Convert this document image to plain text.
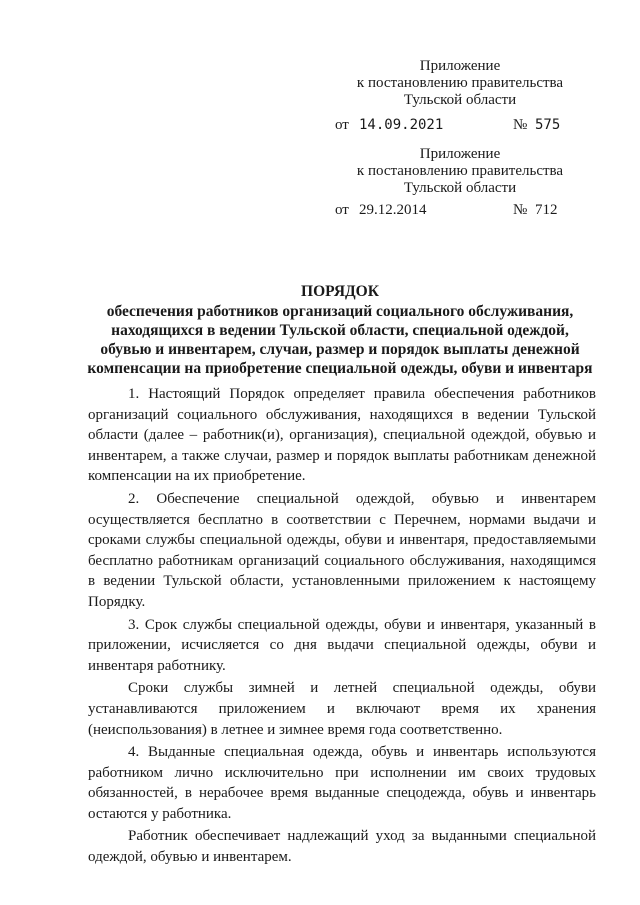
Приложение
к постановлению правительства
Тульской области
от 14.09.2021	№ 575
Приложение
к постановлению правительства
Тульской области
от 29.12.2014	№ 712
ПОРЯДОК
обеспечения работников организаций социального обслуживания,
находящихся в ведении Тульской области, специальной одеждой,
обувью и инвентарем, случаи, размер и порядок выплаты денежной
компенсации на приобретение специальной одежды, обуви и инвентаря

1. Настоящий Порядок определяет правила обеспечения работников организаций социального обслуживания, находящихся в ведении Тульской области (далее – работник(и), организация), специальной одеждой, обувью и инвентарем, а также случаи, размер и порядок выплаты работникам денежной компенсации на их приобретение.

2. Обеспечение специальной одеждой, обувью и инвентарем осуществляется бесплатно в соответствии с Перечнем, нормами выдачи и сроками службы специальной одежды, обуви и инвентаря, предоставляемыми бесплатно работникам организаций социального обслуживания, находящимся в ведении Тульской области, установленными приложением к настоящему Порядку.

3. Срок службы специальной одежды, обуви и инвентаря, указанный в приложении, исчисляется со дня выдачи специальной одежды, обуви и инвентаря работнику.

Сроки службы зимней и летней специальной одежды, обуви устанавливаются приложением и включают время их хранения (неиспользования) в летнее и зимнее время года соответственно.

4. Выданные специальная одежда, обувь и инвентарь используются работником лично исключительно при исполнении им своих трудовых обязанностей, в нерабочее время выданные спецодежда, обувь и инвентарь остаются у работника.

Работник обеспечивает надлежащий уход за выданными специальной одеждой, обувью и инвентарем.
